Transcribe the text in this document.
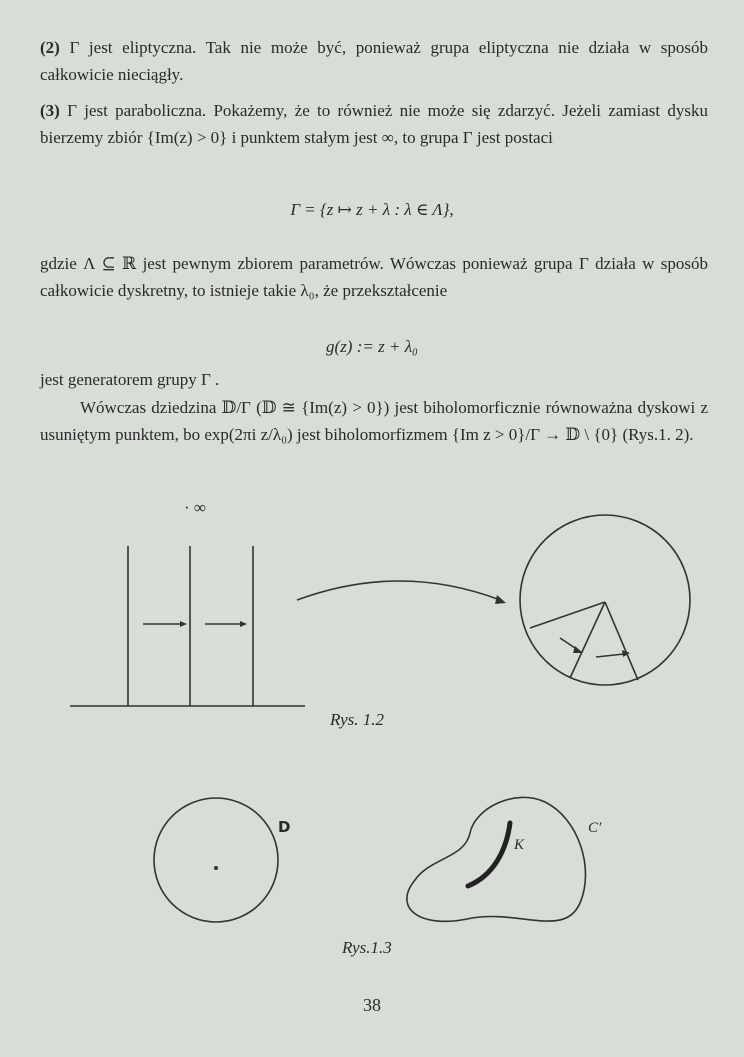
(2) Γ jest eliptyczna. Tak nie może być, ponieważ grupa eliptyczna nie działa w sposób całkowicie nieciągły.

(3) Γ jest paraboliczna. Pokażemy, że to również nie może się zdarzyć. Jeżeli zamiast dysku bierzemy zbiór {Im(z) > 0} i punktem stałym jest ∞, to grupa Γ jest postaci

Γ = {z ↦ z + λ : λ ∈ Λ},

gdzie Λ ⊆ ℝ jest pewnym zbiorem parametrów. Wówczas ponieważ grupa Γ działa w sposób całkowicie dyskretny, to istnieje takie λ₀, że przekształcenie

g(z) := z + λ₀

jest generatorem grupy Γ .

Wówczas dziedzina 𝔻/Γ (𝔻 ≅ {Im(z) > 0}) jest biholomorficznie równoważna dyskowi z usuniętym punktem, bo exp(2πi z/λ₀) jest biholomorfizmem {Im z > 0}/Γ → 𝔻 \ {0} (Rys.1. 2).

· ∞
Rys. 1.2
D
K
C′
Rys.1.3
38
